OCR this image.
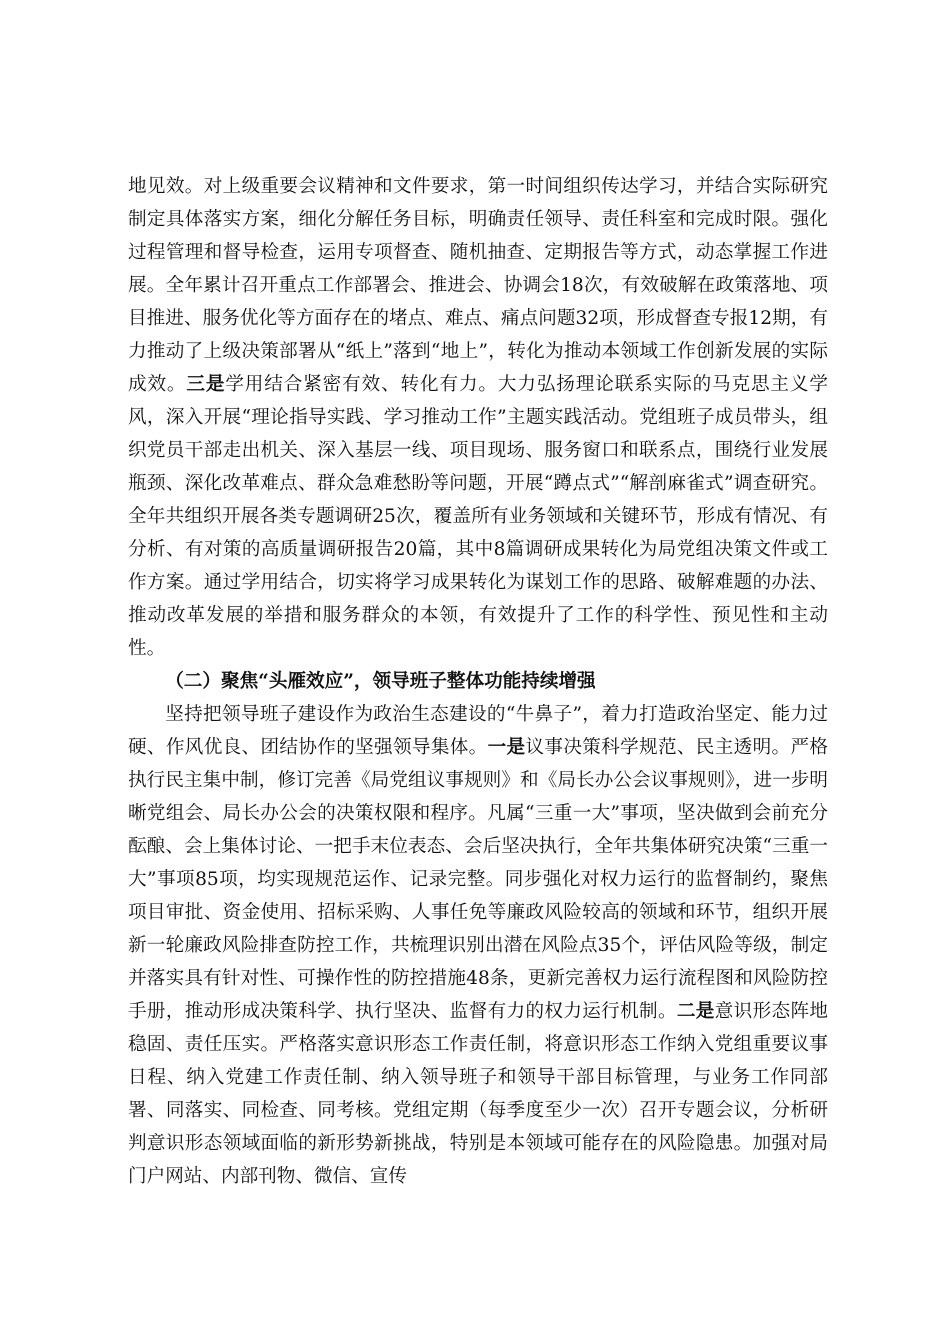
地见效。对上级重要会议精神和文件要求，第一时间组织传达学习，并结合实际研究制定具体落实方案，细化分解任务目标，明确责任领导、责任科室和完成时限。强化过程管理和督导检查，运用专项督查、随机抽查、定期报告等方式，动态掌握工作进展。全年累计召开重点工作部署会、推进会、协调会18次，有效破解在政策落地、项目推进、服务优化等方面存在的堵点、难点、痛点问题32项，形成督查专报12期，有力推动了上级决策部署从“纸上”落到“地上”，转化为推动本领域工作创新发展的实际成效。三是学用结合紧密有效、转化有力。大力弘扬理论联系实际的马克思主义学风，深入开展“理论指导实践、学习推动工作”主题实践活动。党组班子成员带头，组织党员干部走出机关、深入基层一线、项目现场、服务窗口和联系点，围绕行业发展瓶颈、深化改革难点、群众急难愁盼等问题，开展“蹲点式”“解剖麻雀式”调查研究。全年共组织开展各类专题调研25次，覆盖所有业务领域和关键环节，形成有情况、有分析、有对策的高质量调研报告20篇，其中8篇调研成果转化为局党组决策文件或工作方案。通过学用结合，切实将学习成果转化为谋划工作的思路、破解难题的办法、推动改革发展的举措和服务群众的本领，有效提升了工作的科学性、预见性和主动性。

（二）聚焦“头雁效应”，领导班子整体功能持续增强

坚持把领导班子建设作为政治生态建设的“牛鼻子”，着力打造政治坚定、能力过硬、作风优良、团结协作的坚强领导集体。一是议事决策科学规范、民主透明。严格执行民主集中制，修订完善《局党组议事规则》和《局长办公会议事规则》，进一步明晰党组会、局长办公会的决策权限和程序。凡属“三重一大”事项，坚决做到会前充分酝酿、会上集体讨论、一把手末位表态、会后坚决执行，全年共集体研究决策“三重一大”事项85项，均实现规范运作、记录完整。同步强化对权力运行的监督制约，聚焦项目审批、资金使用、招标采购、人事任免等廉政风险较高的领域和环节，组织开展新一轮廉政风险排查防控工作，共梳理识别出潜在风险点35个，评估风险等级，制定并落实具有针对性、可操作性的防控措施48条，更新完善权力运行流程图和风险防控手册，推动形成决策科学、执行坚决、监督有力的权力运行机制。二是意识形态阵地稳固、责任压实。严格落实意识形态工作责任制，将意识形态工作纳入党组重要议事日程、纳入党建工作责任制、纳入领导班子和领导干部目标管理，与业务工作同部署、同落实、同检查、同考核。党组定期（每季度至少一次）召开专题会议，分析研判意识形态领域面临的新形势新挑战，特别是本领域可能存在的风险隐患。加强对局门户网站、内部刊物、微信、宣传
